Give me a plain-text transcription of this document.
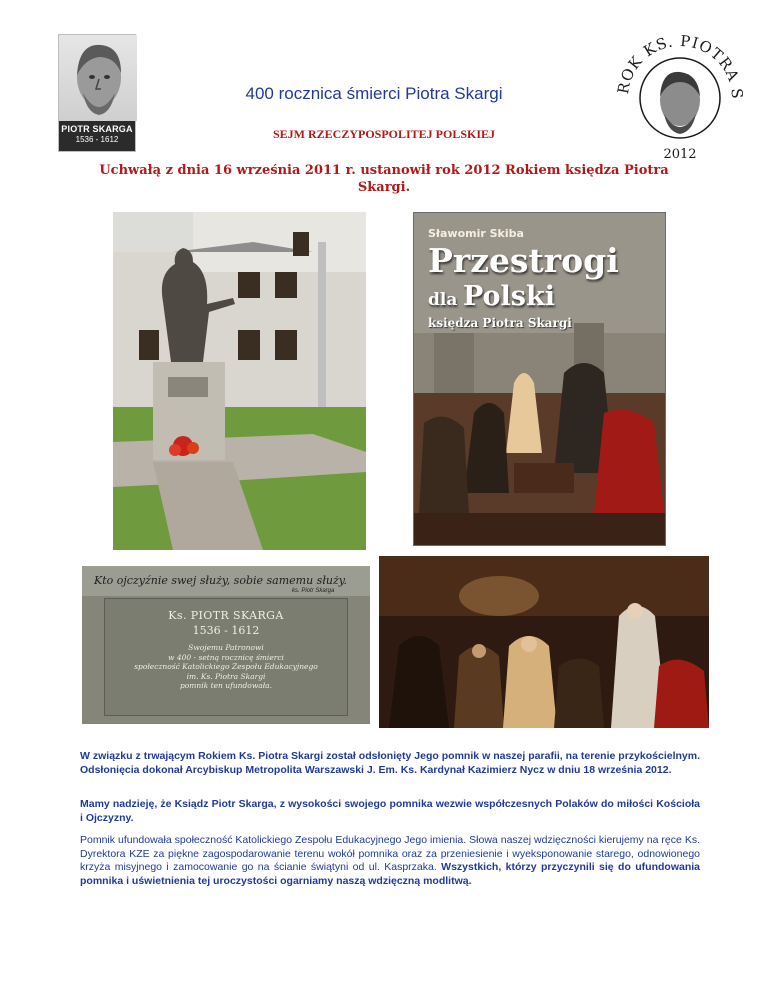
PIOTR SKARGA
1536 - 1612
400 rocznica śmierci Piotra Skargi
SEJM RZECZYPOSPOLITEJ POLSKIEJ
Uchwałą z dnia 16 września 2011 r. ustanowił rok 2012 Rokiem księdza Piotra Skargi.
ROK KS. PIOTRA S
2012
Sławomir Skiba
Przestrogi
dla Polski
księdza Piotra Skargi
Kto ojczyźnie swej służy, sobie samemu służy.
ks. Piotr Skarga
Ks. PIOTR SKARGA
1536 - 1612
Swojemu Patronowi
w 400 - setną rocznicę śmierci
społeczność Katolickiego Zespołu Edukacyjnego
im. Ks. Piotra Skargi
pomnik ten ufundowała.
W związku z trwającym Rokiem Ks. Piotra Skargi został odsłonięty Jego pomnik w naszej parafii, na terenie przykościelnym. Odsłonięcia dokonał Arcybiskup Metropolita Warszawski J. Em. Ks. Kardynał Kazimierz Nycz w dniu 18 września 2012.
Mamy nadzieję, że Ksiądz Piotr Skarga, z wysokości swojego pomnika wezwie współczesnych Polaków do miłości Kościoła i Ojczyzny.
Pomnik ufundowała społeczność Katolickiego Zespołu Edukacyjnego Jego imienia. Słowa naszej wdzięczności kierujemy na ręce Ks. Dyrektora KZE za piękne zagospodarowanie terenu wokół pomnika oraz za przeniesienie i wyeksponowanie starego, odnowionego krzyża misyjnego i zamocowanie go na ścianie świątyni od ul. Kasprzaka. Wszystkich, którzy przyczynili się do ufundowania pomnika i uświetnienia tej uroczystości ogarniamy naszą wdzięczną modlitwą.
